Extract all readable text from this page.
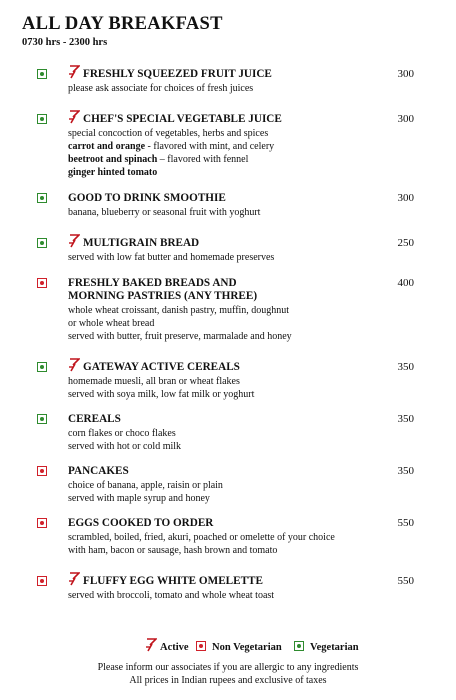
ALL DAY BREAKFAST
0730 hrs - 2300 hrs
FRESHLY SQUEEZED FRUIT JUICE	300
please ask associate for choices of fresh juices
CHEF'S SPECIAL VEGETABLE JUICE	300
special concoction of vegetables, herbs and spices
carrot and orange - flavored with mint, and celery
beetroot and spinach – flavored with fennel
ginger hinted tomato
GOOD TO DRINK SMOOTHIE	300
banana, blueberry or seasonal fruit with yoghurt
MULTIGRAIN BREAD	250
served with low fat butter and homemade preserves
FRESHLY BAKED BREADS AND
MORNING PASTRIES (ANY THREE)
400
whole wheat croissant, danish pastry, muffin, doughnut
or whole wheat bread
served with butter, fruit preserve, marmalade and honey
GATEWAY ACTIVE CEREALS	350
homemade muesli, all bran or wheat flakes
served with soya milk, low fat milk or yoghurt
CEREALS	350
corn flakes or choco flakes
served with hot or cold milk
PANCAKES	350
choice of banana, apple, raisin or plain
served with maple syrup and honey
EGGS COOKED TO ORDER	550
scrambled, boiled, fried, akuri, poached or omelette of your choice
with ham, bacon or sausage, hash brown and tomato
FLUFFY EGG WHITE OMELETTE	550
served with broccoli, tomato and whole wheat toast
Active Non Vegetarian	Vegetarian
Please inform our associates if you are allergic to any ingredients
All prices in Indian rupees and exclusive of taxes
